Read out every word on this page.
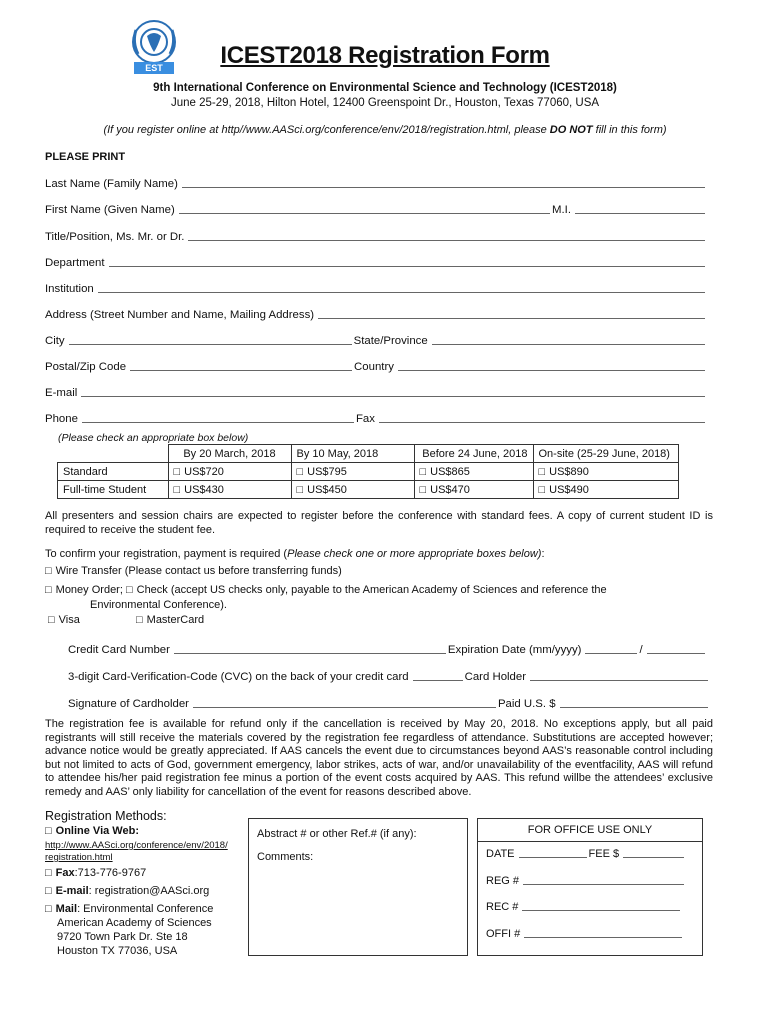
EST	ICEST2018 Registration Form
9th International Conference on Environmental Science and Technology (ICEST2018)
June 25-29, 2018, Hilton Hotel, 12400 Greenspoint Dr., Houston, Texas 77060, USA
(If you register online at http//www.AASci.org/conference/env/2018/registration.html, please DO NOT fill in this form)
PLEASE PRINT
Last Name (Family Name)
First Name (Given Name)	M.I.
Title/Position, Ms. Mr. or Dr.
Department
Institution
Address (Street Number and Name, Mailing Address)
City	State/Province
Postal/Zip Code	Country
E-mail
Phone	Fax
(Please check an appropriate box below)
	By 20 March, 2018	By 10 May, 2018	Before 24 June, 2018	On-site (25-29 June, 2018)
Standard	□ US$720	□ US$795	□ US$865	□ US$890
Full-time Student	□ US$430	□ US$450	□ US$470	□ US$490
All presenters and session chairs are expected to register before the conference with standard fees. A copy of current student ID is required to receive the student fee.
To confirm your registration, payment is required (Please check one or more appropriate boxes below):
□ Wire Transfer (Please contact us before transferring funds)
□ Money Order; □ Check (accept US checks only, payable to the American Academy of Sciences and reference the
Environmental Conference).
□ Visa	□ MasterCard
Credit Card Number	Expiration Date (mm/yyyy)	/
3-digit Card-Verification-Code (CVC) on the back of your credit card	Card Holder
Signature of Cardholder	Paid U.S. $
The registration fee is available for refund only if the cancellation is received by May 20, 2018. No exceptions apply, but all paid registrants will still receive the materials covered by the registration fee regardless of attendance. Substitutions are accepted however; advance notice would be greatly appreciated. If AAS cancels the event due to circumstances beyond AAS’s reasonable control including but not limited to acts of God, government emergency, labor strikes, acts of war, and/or unavailability of the eventfacility, AAS will refund to attendee his/her paid registration fee minus a portion of the event costs acquired by AAS. This refund willbe the attendees’ exclusive remedy and AAS’ only liability for cancellation of the event for reasons described above.
Registration Methods:
□ Online Via Web:
http://www.AASci.org/conference/env/2018/
registration.html
□ Fax:713-776-9767
□ E-mail: registration@AASci.org
□ Mail: Environmental Conference
American Academy of Sciences
9720 Town Park Dr. Ste 18
Houston TX 77036, USA
Abstract # or other Ref.# (if any):
Comments:
FOR OFFICE USE ONLY
DATE	FEE $
REG #
REC #
OFFI #
